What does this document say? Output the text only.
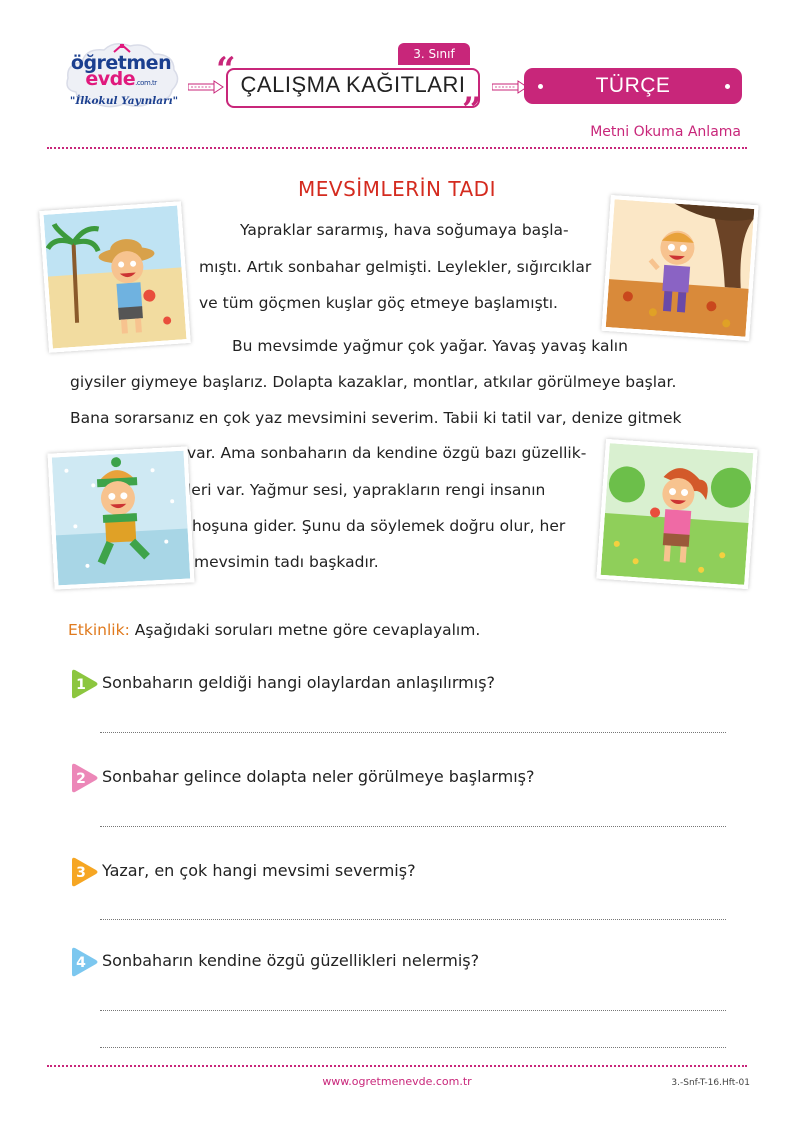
öğretmen
evde.com.tr
"İlkokul Yayınları"
3. Sınıf
“
”
ÇALIŞMA KAĞITLARI	TÜRÇE
Metni Okuma Anlama
MEVSİMLERİN TADI
Yapraklar sararmış, hava soğumaya başla-
mıştı. Artık sonbahar gelmişti. Leylekler, sığırcıklar
ve tüm göçmen kuşlar göç etmeye başlamıştı.
Bu mevsimde yağmur çok yağar. Yavaş yavaş kalın
giysiler giymeye başlarız. Dolapta kazaklar, montlar, atkılar görülmeye başlar.
Bana sorarsanız en çok yaz mevsimini severim. Tabii ki tatil var, denize gitmek
var. Ama sonbaharın da kendine özgü bazı güzellik-
leri var. Yağmur sesi, yaprakların rengi insanın
hoşuna gider. Şunu da söylemek doğru olur, her
mevsimin tadı başkadır.
Etkinlik: Aşağıdaki soruları metne göre cevaplayalım.
1 Sonbaharın geldiği hangi olaylardan anlaşılırmış?
2 Sonbahar gelince dolapta neler görülmeye başlarmış?
3 Yazar, en çok hangi mevsimi severmiş?
4 Sonbaharın kendine özgü güzellikleri nelermiş?
www.ogretmenevde.com.tr	3.-Snf-T-16.Hft-01
